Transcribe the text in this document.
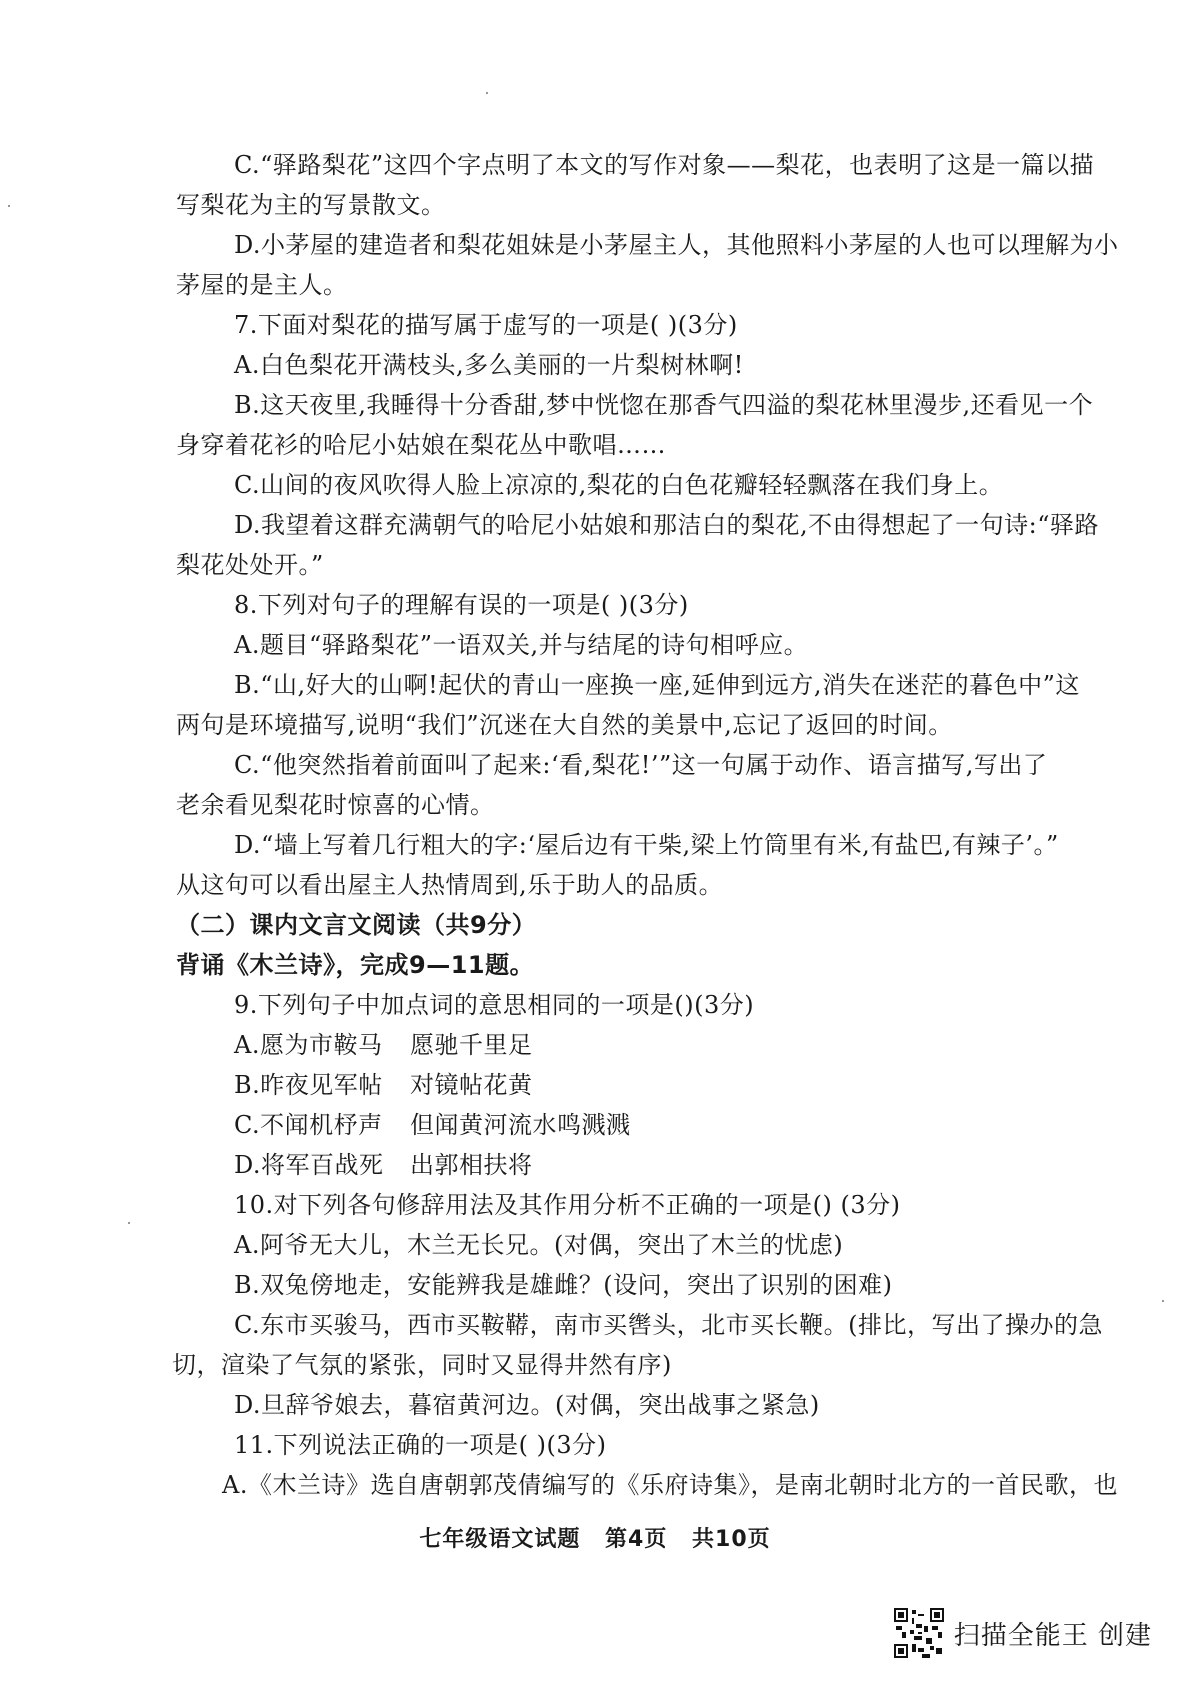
C.“驿路梨花”这四个字点明了本文的写作对象——梨花，也表明了这是一篇以描
写梨花为主的写景散文。
D.小茅屋的建造者和梨花姐妹是小茅屋主人，其他照料小茅屋的人也可以理解为小
茅屋的是主人。
7.下面对梨花的描写属于虚写的一项是( )(3分)
A.白色梨花开满枝头,多么美丽的一片梨树林啊!
B.这天夜里,我睡得十分香甜,梦中恍惚在那香气四溢的梨花林里漫步,还看见一个
身穿着花衫的哈尼小姑娘在梨花丛中歌唱……
C.山间的夜风吹得人脸上凉凉的,梨花的白色花瓣轻轻飘落在我们身上。
D.我望着这群充满朝气的哈尼小姑娘和那洁白的梨花,不由得想起了一句诗:“驿路
梨花处处开。”
8.下列对句子的理解有误的一项是( )(3分)
A.题目“驿路梨花”一语双关,并与结尾的诗句相呼应。
B.“山,好大的山啊!起伏的青山一座换一座,延伸到远方,消失在迷茫的暮色中”这
两句是环境描写,说明“我们”沉迷在大自然的美景中,忘记了返回的时间。
C.“他突然指着前面叫了起来:‘看,梨花!’”这一句属于动作、语言描写,写出了
老余看见梨花时惊喜的心情。
D.“墙上写着几行粗大的字:‘屋后边有干柴,梁上竹筒里有米,有盐巴,有辣子’。”
从这句可以看出屋主人热情周到,乐于助人的品质。
（二）课内文言文阅读（共9分）
背诵《木兰诗》，完成9—11题。
9.下列句子中加点词的意思相同的一项是()(3分)
A.愿为市鞍马 愿驰千里足
B.昨夜见军帖 对镜帖花黄
C.不闻机杼声 但闻黄河流水鸣溅溅
D.将军百战死 出郭相扶将
10.对下列各句修辞用法及其作用分析不正确的一项是() (3分)
A.阿爷无大儿，木兰无长兄。(对偶，突出了木兰的忧虑)
B.双兔傍地走，安能辨我是雄雌？(设问，突出了识别的困难)
C.东市买骏马，西市买鞍鞯，南市买辔头，北市买长鞭。(排比，写出了操办的急
切，渲染了气氛的紧张，同时又显得井然有序)
D.旦辞爷娘去，暮宿黄河边。(对偶，突出战事之紧急)
11.下列说法正确的一项是( )(3分)
A.《木兰诗》选自唐朝郭茂倩编写的《乐府诗集》，是南北朝时北方的一首民歌，也
七年级语文试题 第4页 共10页
扫描全能王 创建
